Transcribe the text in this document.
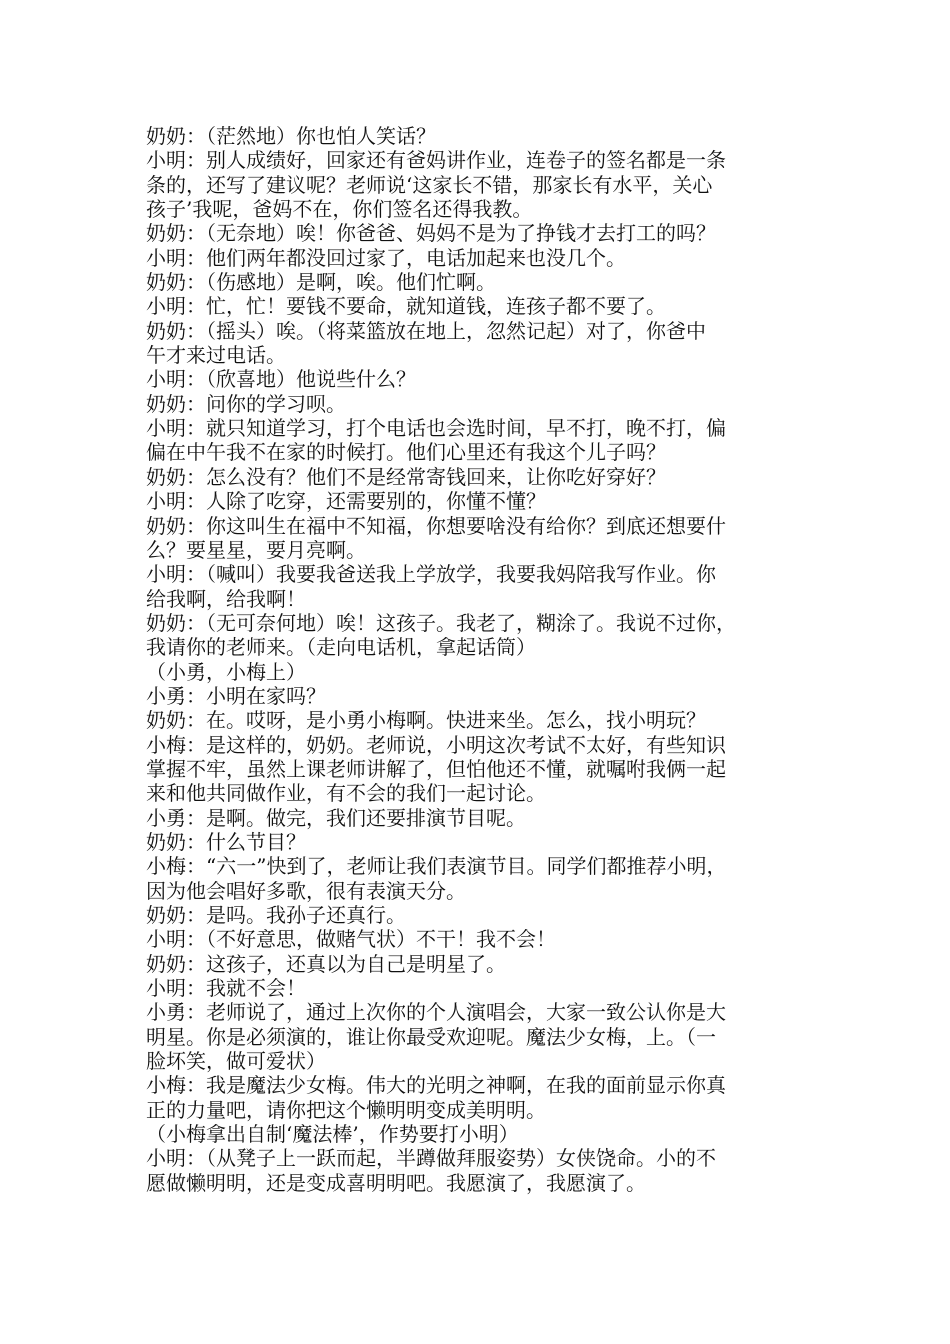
奶奶：（茫然地）你也怕人笑话？
小明：别人成绩好，回家还有爸妈讲作业，连卷子的签名都是一条
条的，还写了建议呢？老师说‘这家长不错，那家长有水平，关心
孩子’我呢，爸妈不在，你们签名还得我教。
奶奶：（无奈地）唉！你爸爸、妈妈不是为了挣钱才去打工的吗？
小明：他们两年都没回过家了，电话加起来也没几个。
奶奶：（伤感地）是啊，唉。他们忙啊。
小明：忙，忙！要钱不要命，就知道钱，连孩子都不要了。
奶奶：（摇头）唉。（将菜篮放在地上，忽然记起）对了，你爸中
午才来过电话。
小明：（欣喜地）他说些什么？
奶奶：问你的学习呗。
小明：就只知道学习，打个电话也会选时间，早不打，晚不打，偏
偏在中午我不在家的时候打。他们心里还有我这个儿子吗？
奶奶：怎么没有？他们不是经常寄钱回来，让你吃好穿好？
小明：人除了吃穿，还需要别的，你懂不懂？
奶奶：你这叫生在福中不知福，你想要啥没有给你？到底还想要什
么？要星星，要月亮啊。
小明：（喊叫）我要我爸送我上学放学，我要我妈陪我写作业。你
给我啊，给我啊！
奶奶：（无可奈何地）唉！这孩子。我老了，糊涂了。我说不过你，
我请你的老师来。（走向电话机，拿起话筒）
（小勇，小梅上）
小勇：小明在家吗？
奶奶：在。哎呀，是小勇小梅啊。快进来坐。怎么，找小明玩？
小梅：是这样的，奶奶。老师说，小明这次考试不太好，有些知识
掌握不牢，虽然上课老师讲解了，但怕他还不懂，就嘱咐我俩一起
来和他共同做作业，有不会的我们一起讨论。
小勇：是啊。做完，我们还要排演节目呢。
奶奶：什么节目？
小梅：“六一”快到了，老师让我们表演节目。同学们都推荐小明，
因为他会唱好多歌，很有表演天分。
奶奶：是吗。我孙子还真行。
小明：（不好意思，做赌气状）不干！我不会！
奶奶：这孩子，还真以为自己是明星了。
小明：我就不会！
小勇：老师说了，通过上次你的个人演唱会，大家一致公认你是大
明星。你是必须演的，谁让你最受欢迎呢。魔法少女梅，上。（一
脸坏笑，做可爱状）
小梅：我是魔法少女梅。伟大的光明之神啊，在我的面前显示你真
正的力量吧，请你把这个懒明明变成美明明。
（小梅拿出自制‘魔法棒’，作势要打小明）
小明：（从凳子上一跃而起，半蹲做拜服姿势）女侠饶命。小的不
愿做懒明明，还是变成喜明明吧。我愿演了，我愿演了。
